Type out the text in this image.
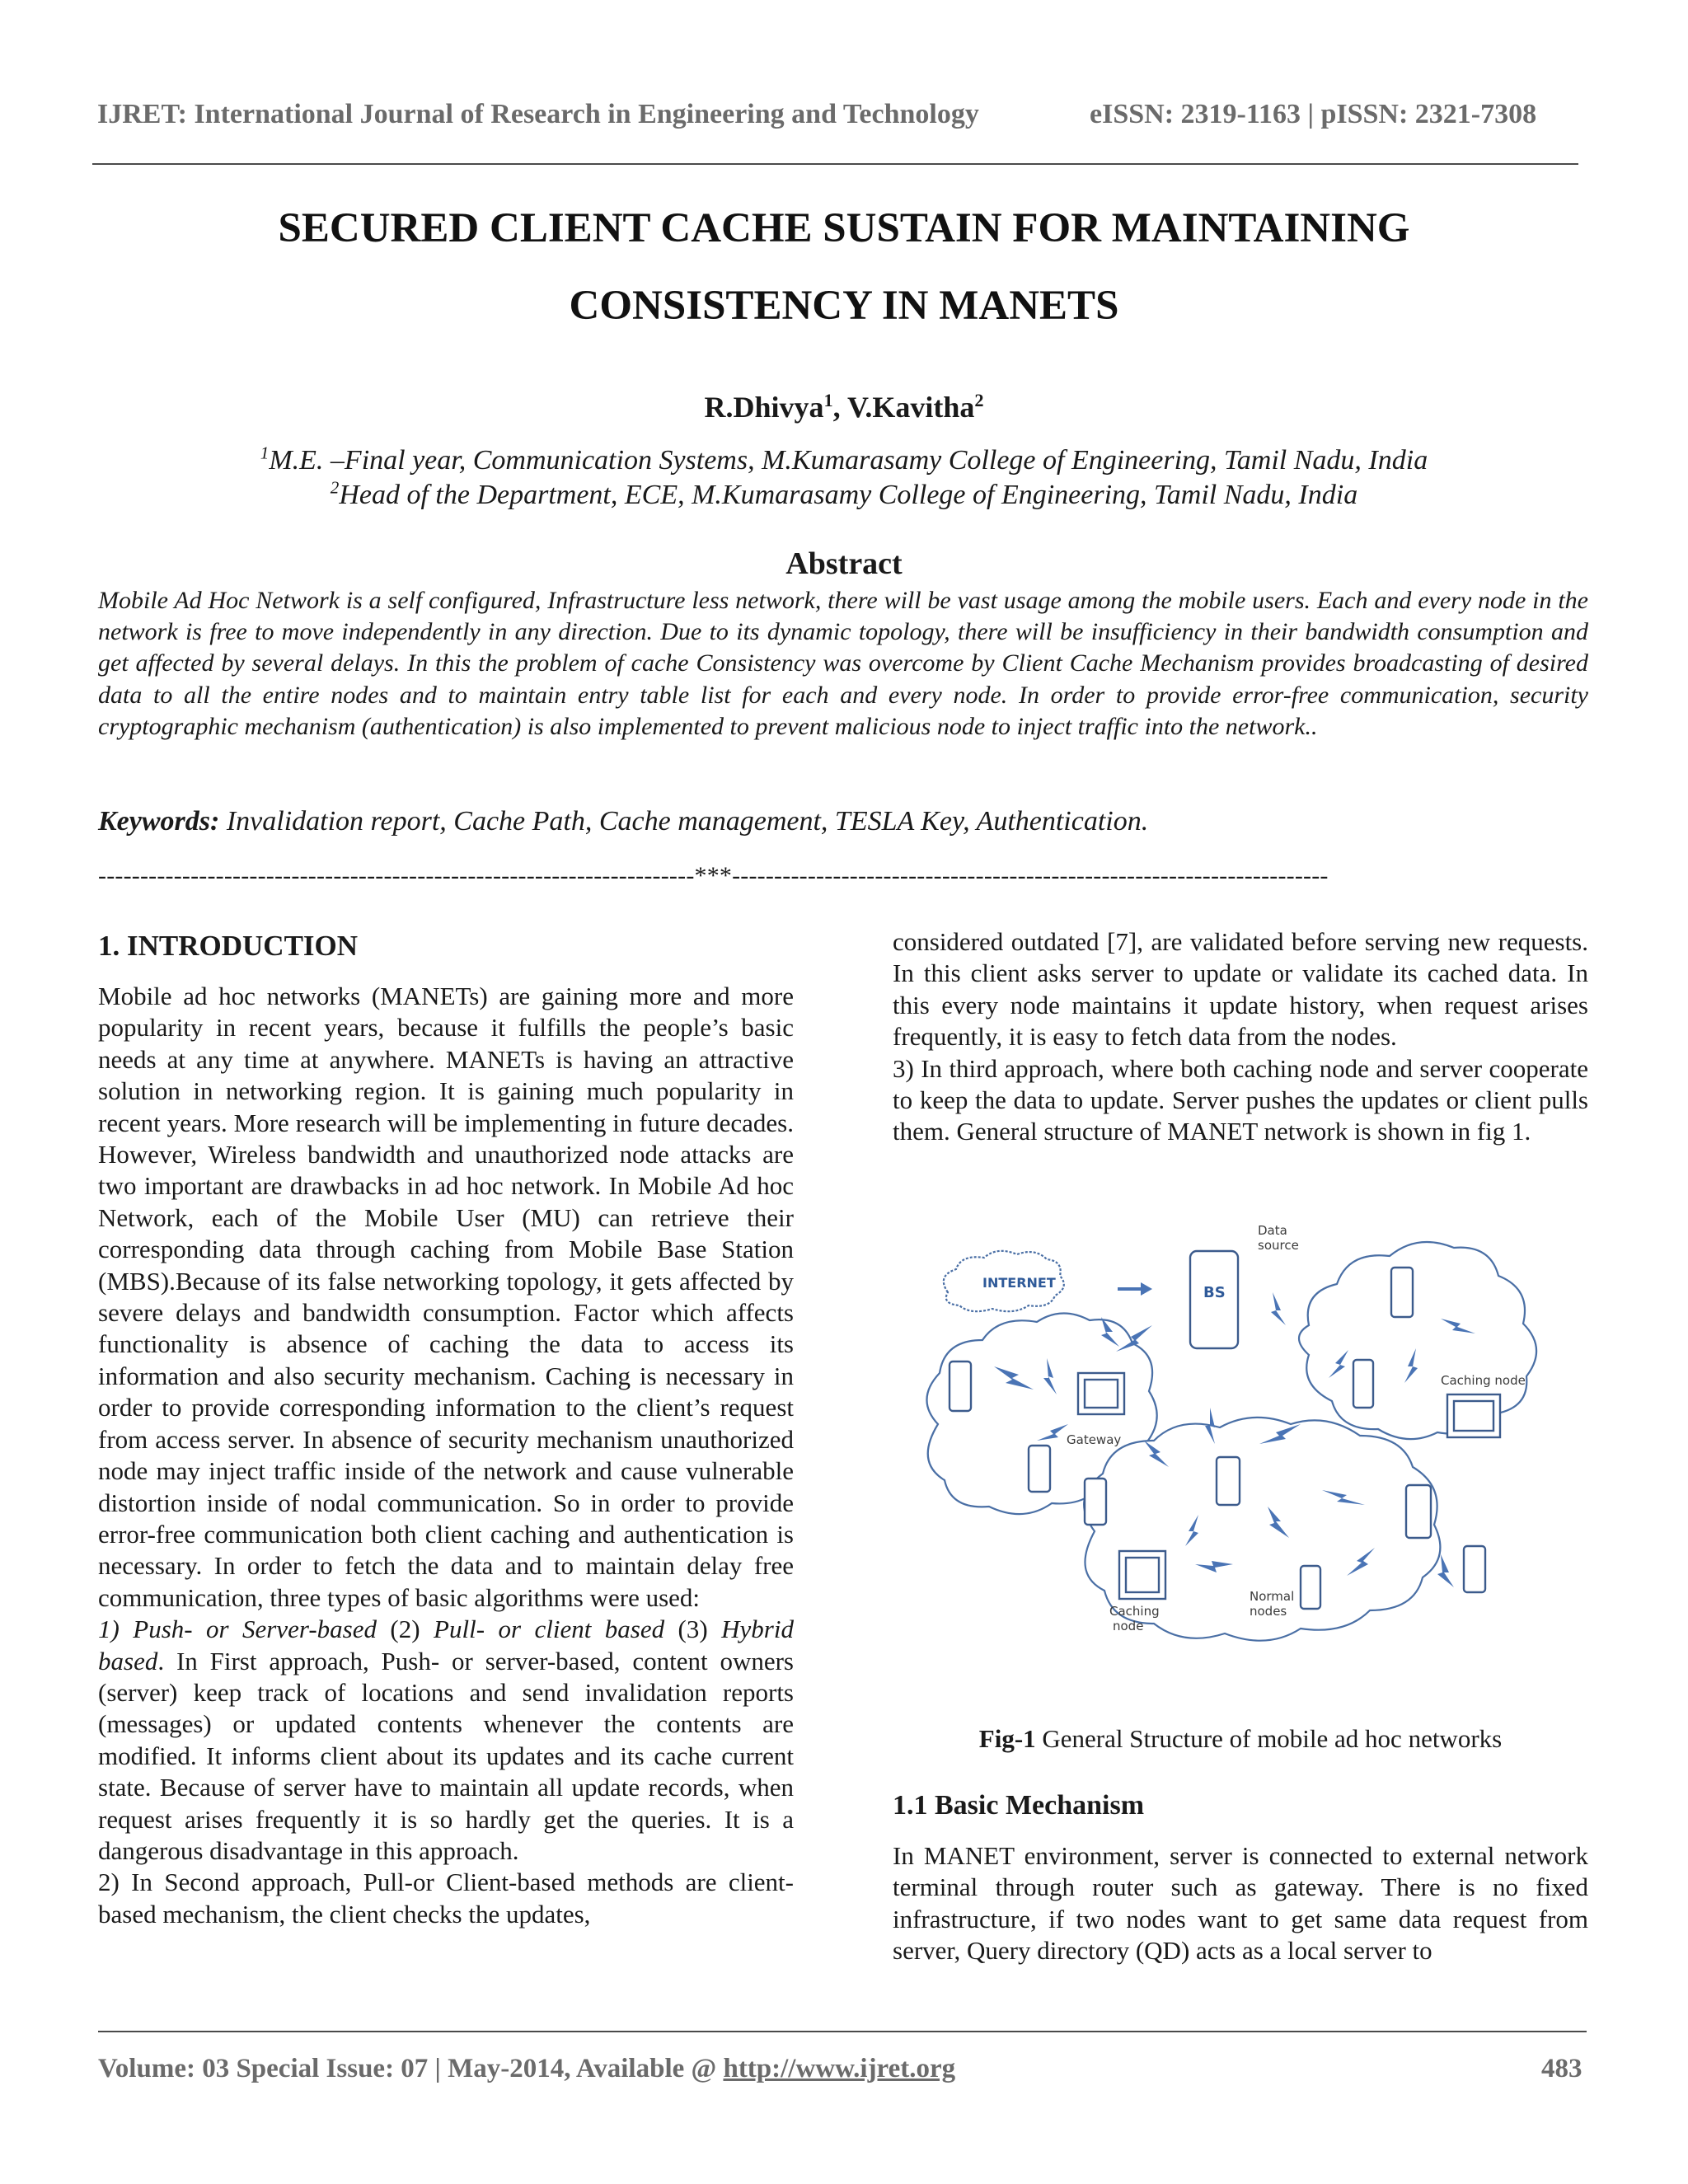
IJRET: International Journal of Research in Engineering and Technology	eISSN: 2319-1163 | pISSN: 2321-7308
SECURED CLIENT CACHE SUSTAIN FOR MAINTAINING
CONSISTENCY IN MANETS
R.Dhivya$^1$, V.Kavitha$^2$
$^1$M.E. –Final year, Communication Systems, M.Kumarasamy College of Engineering, Tamil Nadu, India
$^2$Head of the Department, ECE, M.Kumarasamy College of Engineering, Tamil Nadu, India
Abstract
Mobile Ad Hoc Network is a self configured, Infrastructure less network, there will be vast usage among the mobile users. Each and every node in the network is free to move independently in any direction. Due to its dynamic topology, there will be insufficiency in their bandwidth consumption and get affected by several delays. In this the problem of cache Consistency was overcome by Client Cache Mechanism provides broadcasting of desired data to all the entire nodes and to maintain entry table list for each and every node. In order to provide error-free communication, security cryptographic mechanism (authentication) is also implemented to prevent malicious node to inject traffic into the network..
Keywords: Invalidation report, Cache Path, Cache management, TESLA Key, Authentication.
-----------------------------------------------------------------------***-----------------------------------------------------------------------
1. INTRODUCTION

Mobile ad hoc networks (MANETs) are gaining more and more popularity in recent years, because it fulfills the people’s basic needs at any time at anywhere. MANETs is having an attractive solution in networking region. It is gaining much popularity in recent years. More research will be implementing in future decades. However, Wireless bandwidth and unauthorized node attacks are two important are drawbacks in ad hoc network. In Mobile Ad hoc Network, each of the Mobile User (MU) can retrieve their corresponding data through caching from Mobile Base Station (MBS).Because of its false networking topology, it gets affected by severe delays and bandwidth consumption. Factor which affects functionality is absence of caching the data to access its information and also security mechanism. Caching is necessary in order to provide corresponding information to the client’s request from access server. In absence of security mechanism unauthorized node may inject traffic inside of the network and cause vulnerable distortion inside of nodal communication. So in order to provide error-free communication both client caching and authentication is necessary. In order to fetch the data and to maintain delay free communication, three types of basic algorithms were used:

1) Push- or Server-based (2) Pull- or client based (3) Hybrid based. In First approach, Push- or server-based, content owners (server) keep track of locations and send invalidation reports (messages) or updated contents whenever the contents are modified. It informs client about its updates and its cache current state. Because of server have to maintain all update records, when request arises frequently it is so hardly get the queries. It is a dangerous disadvantage in this approach.

2) In Second approach, Pull-or Client-based methods are client-based mechanism, the client checks the updates,

considered outdated [7], are validated before serving new requests. In this client asks server to update or validate its cached data. In this every node maintains it update history, when request arises frequently, it is easy to fetch data from the nodes.

3) In third approach, where both caching node and server cooperate to keep the data to update. Server pushes the updates or client pulls them. General structure of MANET network is shown in fig 1.

INTERNET
BS
Data
source
Gateway
Caching node
Caching
node
Normal
nodes
Fig-1 General Structure of mobile ad hoc networks
1.1 Basic Mechanism

In MANET environment, server is connected to external network terminal through router such as gateway. There is no fixed infrastructure, if two nodes want to get same data request from server, Query directory (QD) acts as a local server to

Volume: 03 Special Issue: 07 | May-2014, Available @ http://www.ijret.org	483
